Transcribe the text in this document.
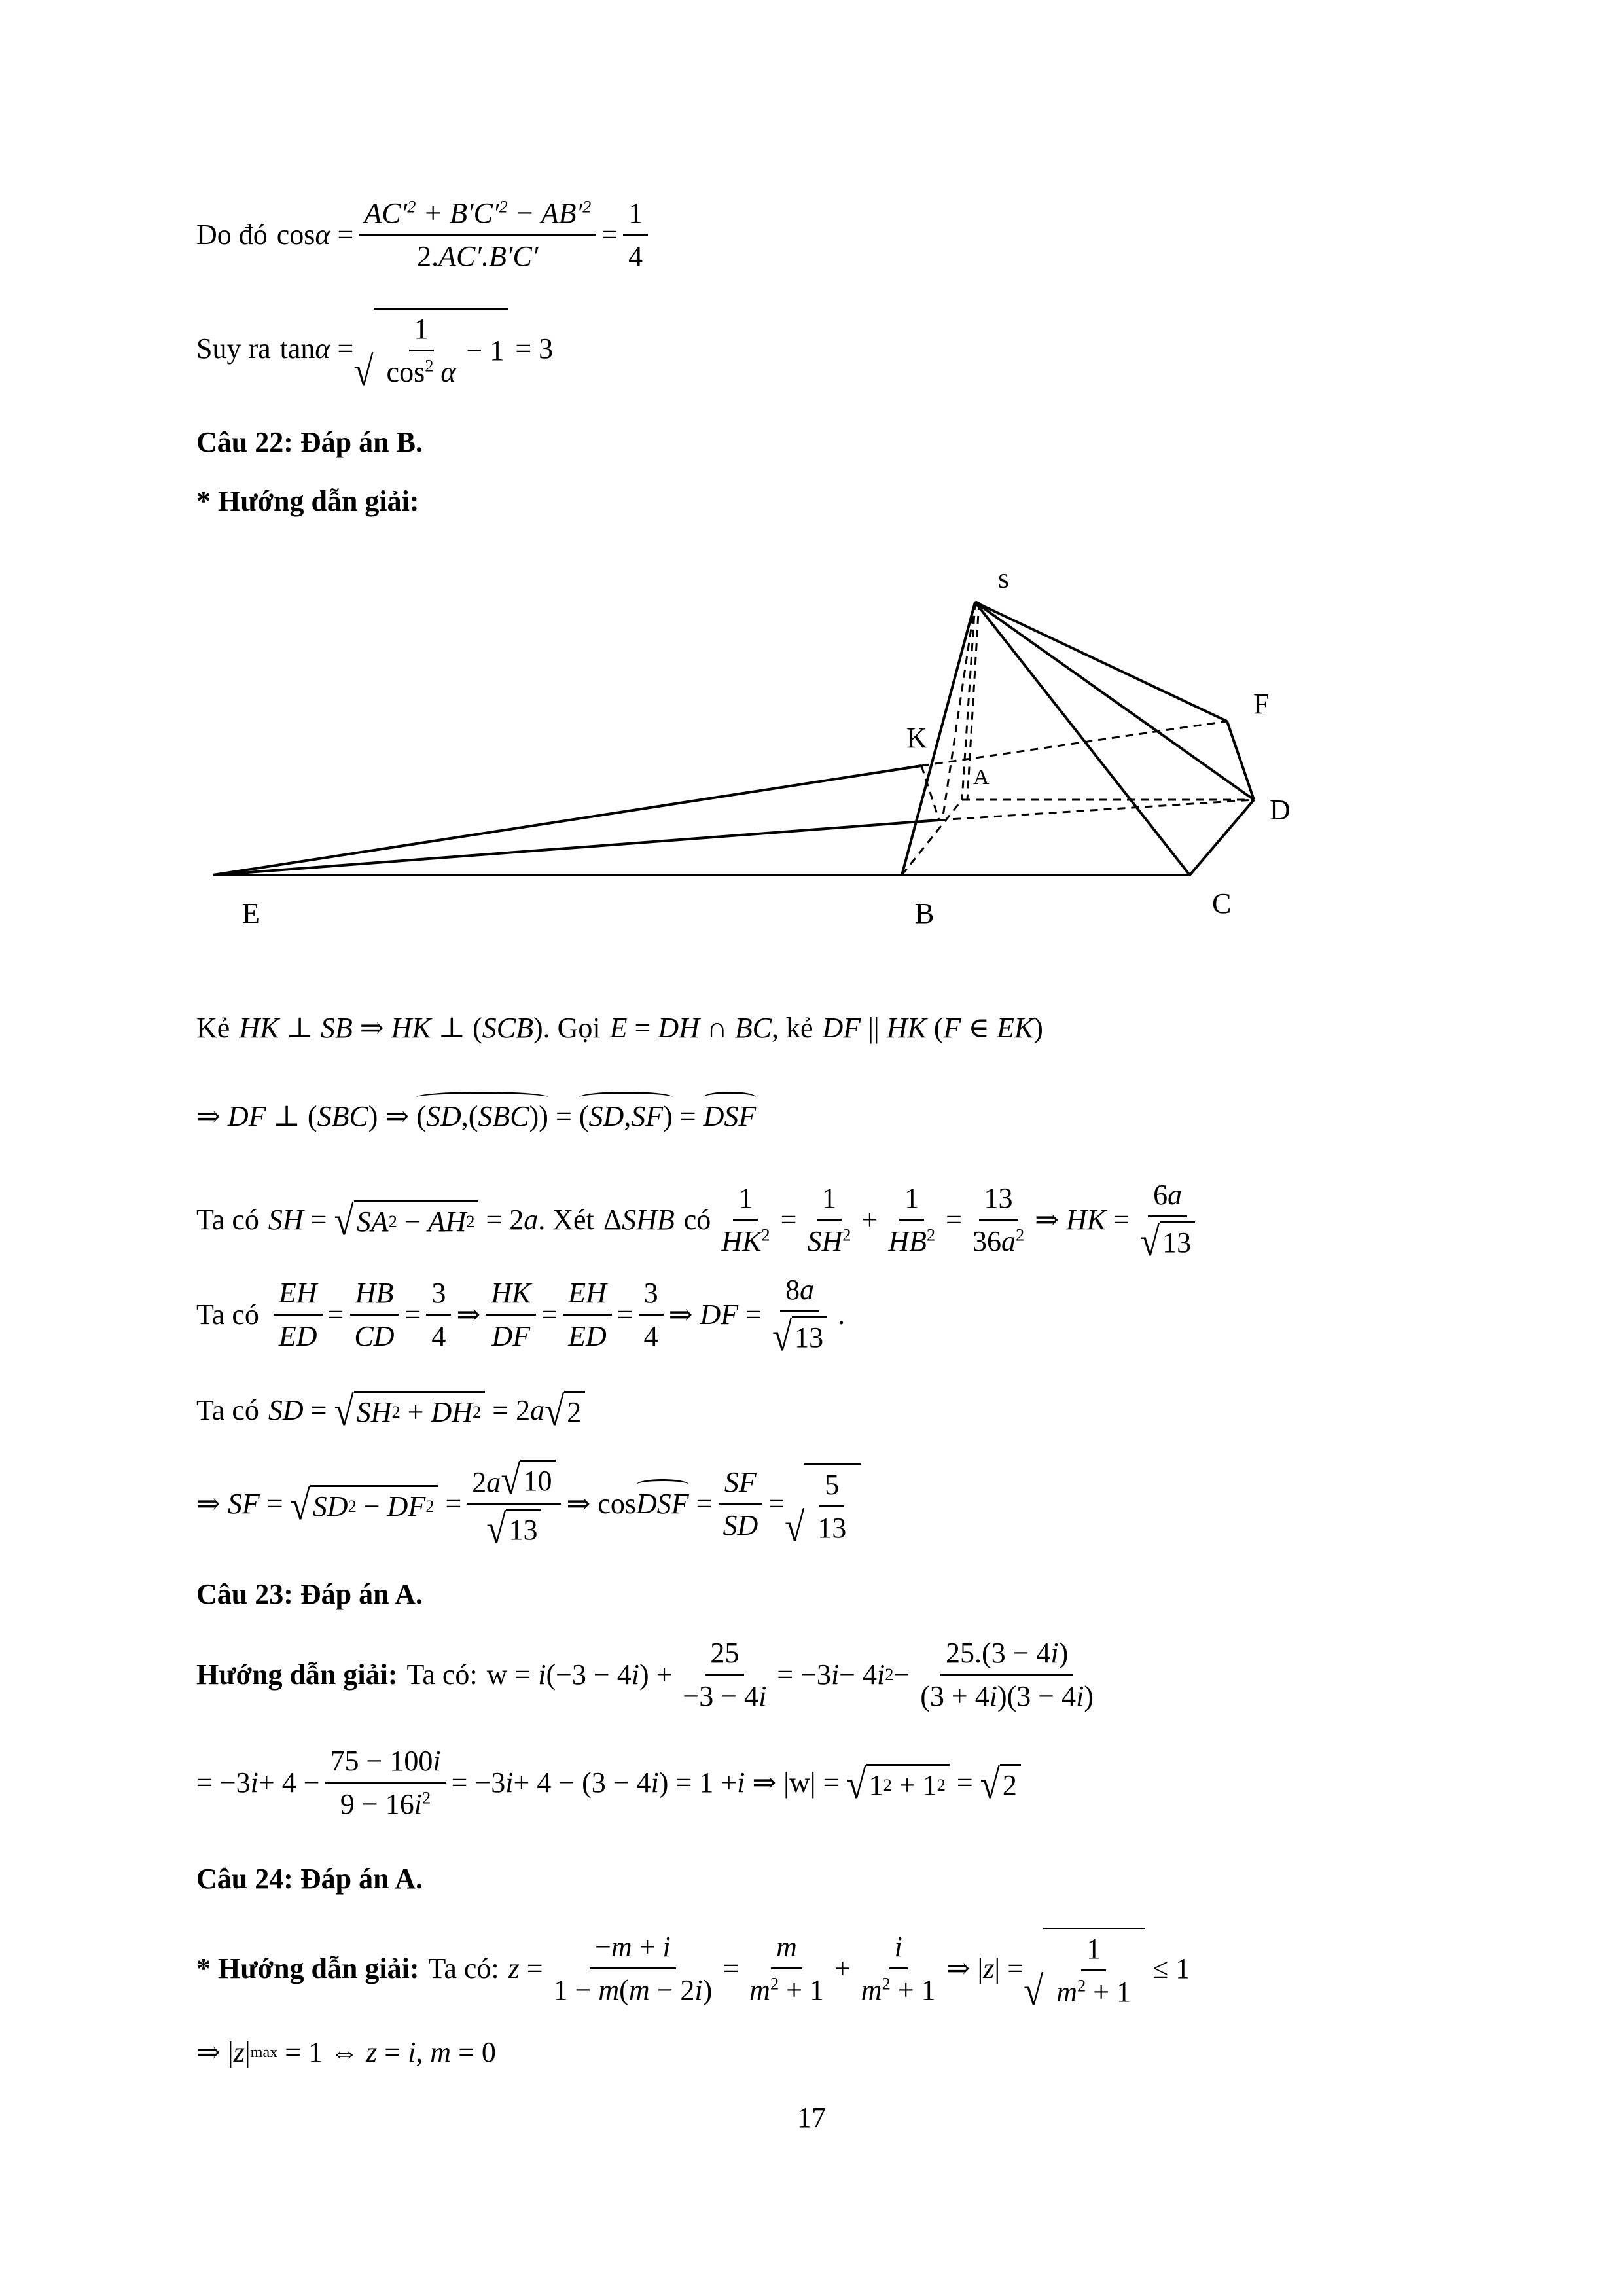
Do đó $\cos\alpha = \frac{AC'^2 + B'C'^2 - AB'^2}{2.AC'.B'C'} = \frac{1}{4}$
Suy ra tanα = √ $\frac{1}{\cos^2 \alpha} - 1 = 3$
Câu 22: Đáp án B.
* Hướng dẫn giải:
s
F
K
A
D
E	B	C
Kẻ HK ⊥ SB ⇒ HK ⊥ ( SCB ) . Gọi E = DH ∩ BC , kẻ DF || HK ( F ∈ EK )
⇒ DF ⊥ ( SBC ) ⇒ (SD,(SBC)) = (SD,SF) = DSF
Ta có SH = √ SA 2 − AH 2 = 2 a . Xét Δ SHB có $\frac{1}{HK^2} = \frac{1}{SH^2} + \frac{1}{HB^2} = \frac{13}{36a^2}$ ⇒ HK = $\frac{6a}{√ 13}$
Ta có $\frac{EH}{ED} = \frac{HB}{CD} = \frac{3}{4}$ ⇒ $\frac{HK}{DF} = \frac{EH}{ED} = \frac{3}{4}$ ⇒ DF = $\frac{8a}{√ 13}$ .
Ta có SD = √ SH 2 + DH 2 = 2 a √ 2
⇒ SF = √ SD 2 − DF $2 = \frac{2a √ 10}{√ 13}$ ⇒ cos DSF = $\frac{SF}{SD}$ = √ $\frac{5}{13}$
Câu 23: Đáp án A.
Hướng dẫn giải: Ta có: w = i (−3 − 4 i ) + $\frac{25}{-3 - 4i} = -3$ i − 4 i $2 - \frac{25.(3 - 4i)}{(3 + 4i)(3 - 4i)}$
= −3 $i + 4 - \frac{75 - 100i}{9 - 16i^2} = -3$ i + 4 − (3 − 4 i ) = 1 + i ⇒ |w| = √ 1 2 + 1 2 = √ 2
Câu 24: Đáp án A.
* Hướng dẫn giải: Ta có: $z = \frac{-m + i}{1 - m(m - 2i)} = \frac{m}{m^2 + 1} + \frac{i}{m^2 + 1}$ ⇒ | z | = √ $\frac{1}{m^2 + 1} \le 1$
⇒ | z | max = 1 ⇔ z = i , m = 0
17
